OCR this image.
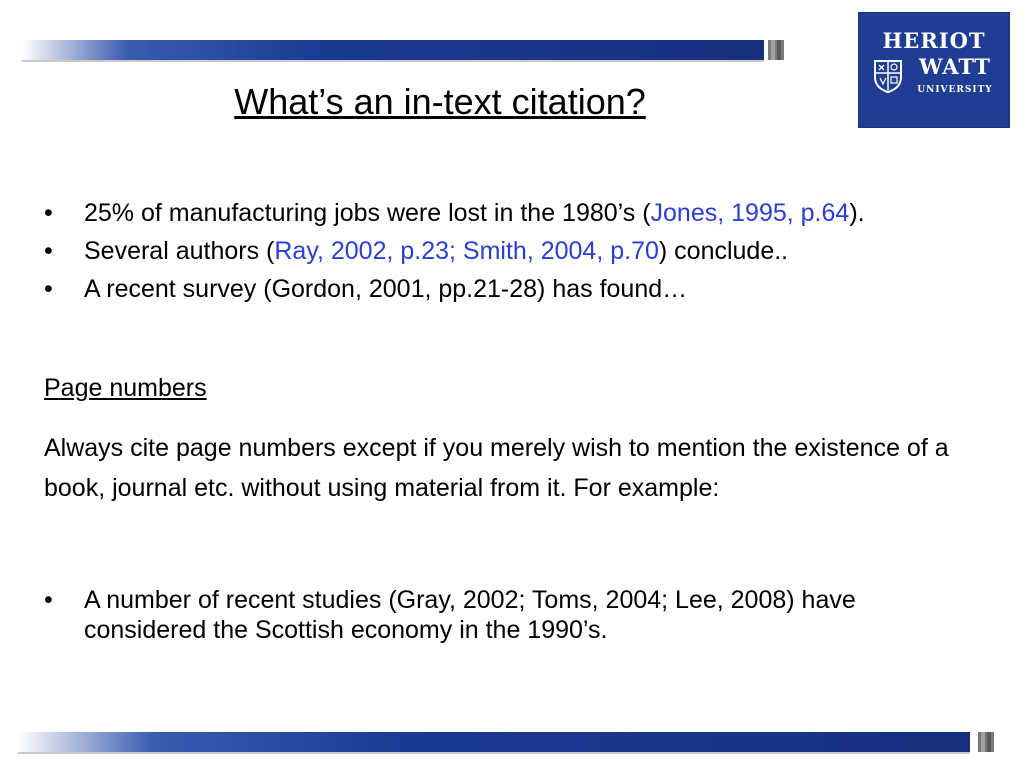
HERIOT
WATT
UNIVERSITY
What’s an in-text citation?
• 25% of manufacturing jobs were lost in the 1980’s (Jones, 1995, p.64).
• Several authors (Ray, 2002, p.23; Smith, 2004, p.70) conclude..
• A recent survey (Gordon, 2001, pp.21-28) has found…
Page numbers
Always cite page numbers except if you merely wish to mention the existence of a book, journal etc. without using material from it. For example:
• A number of recent studies (Gray, 2002; Toms, 2004; Lee, 2008) have considered the Scottish economy in the 1990’s.
